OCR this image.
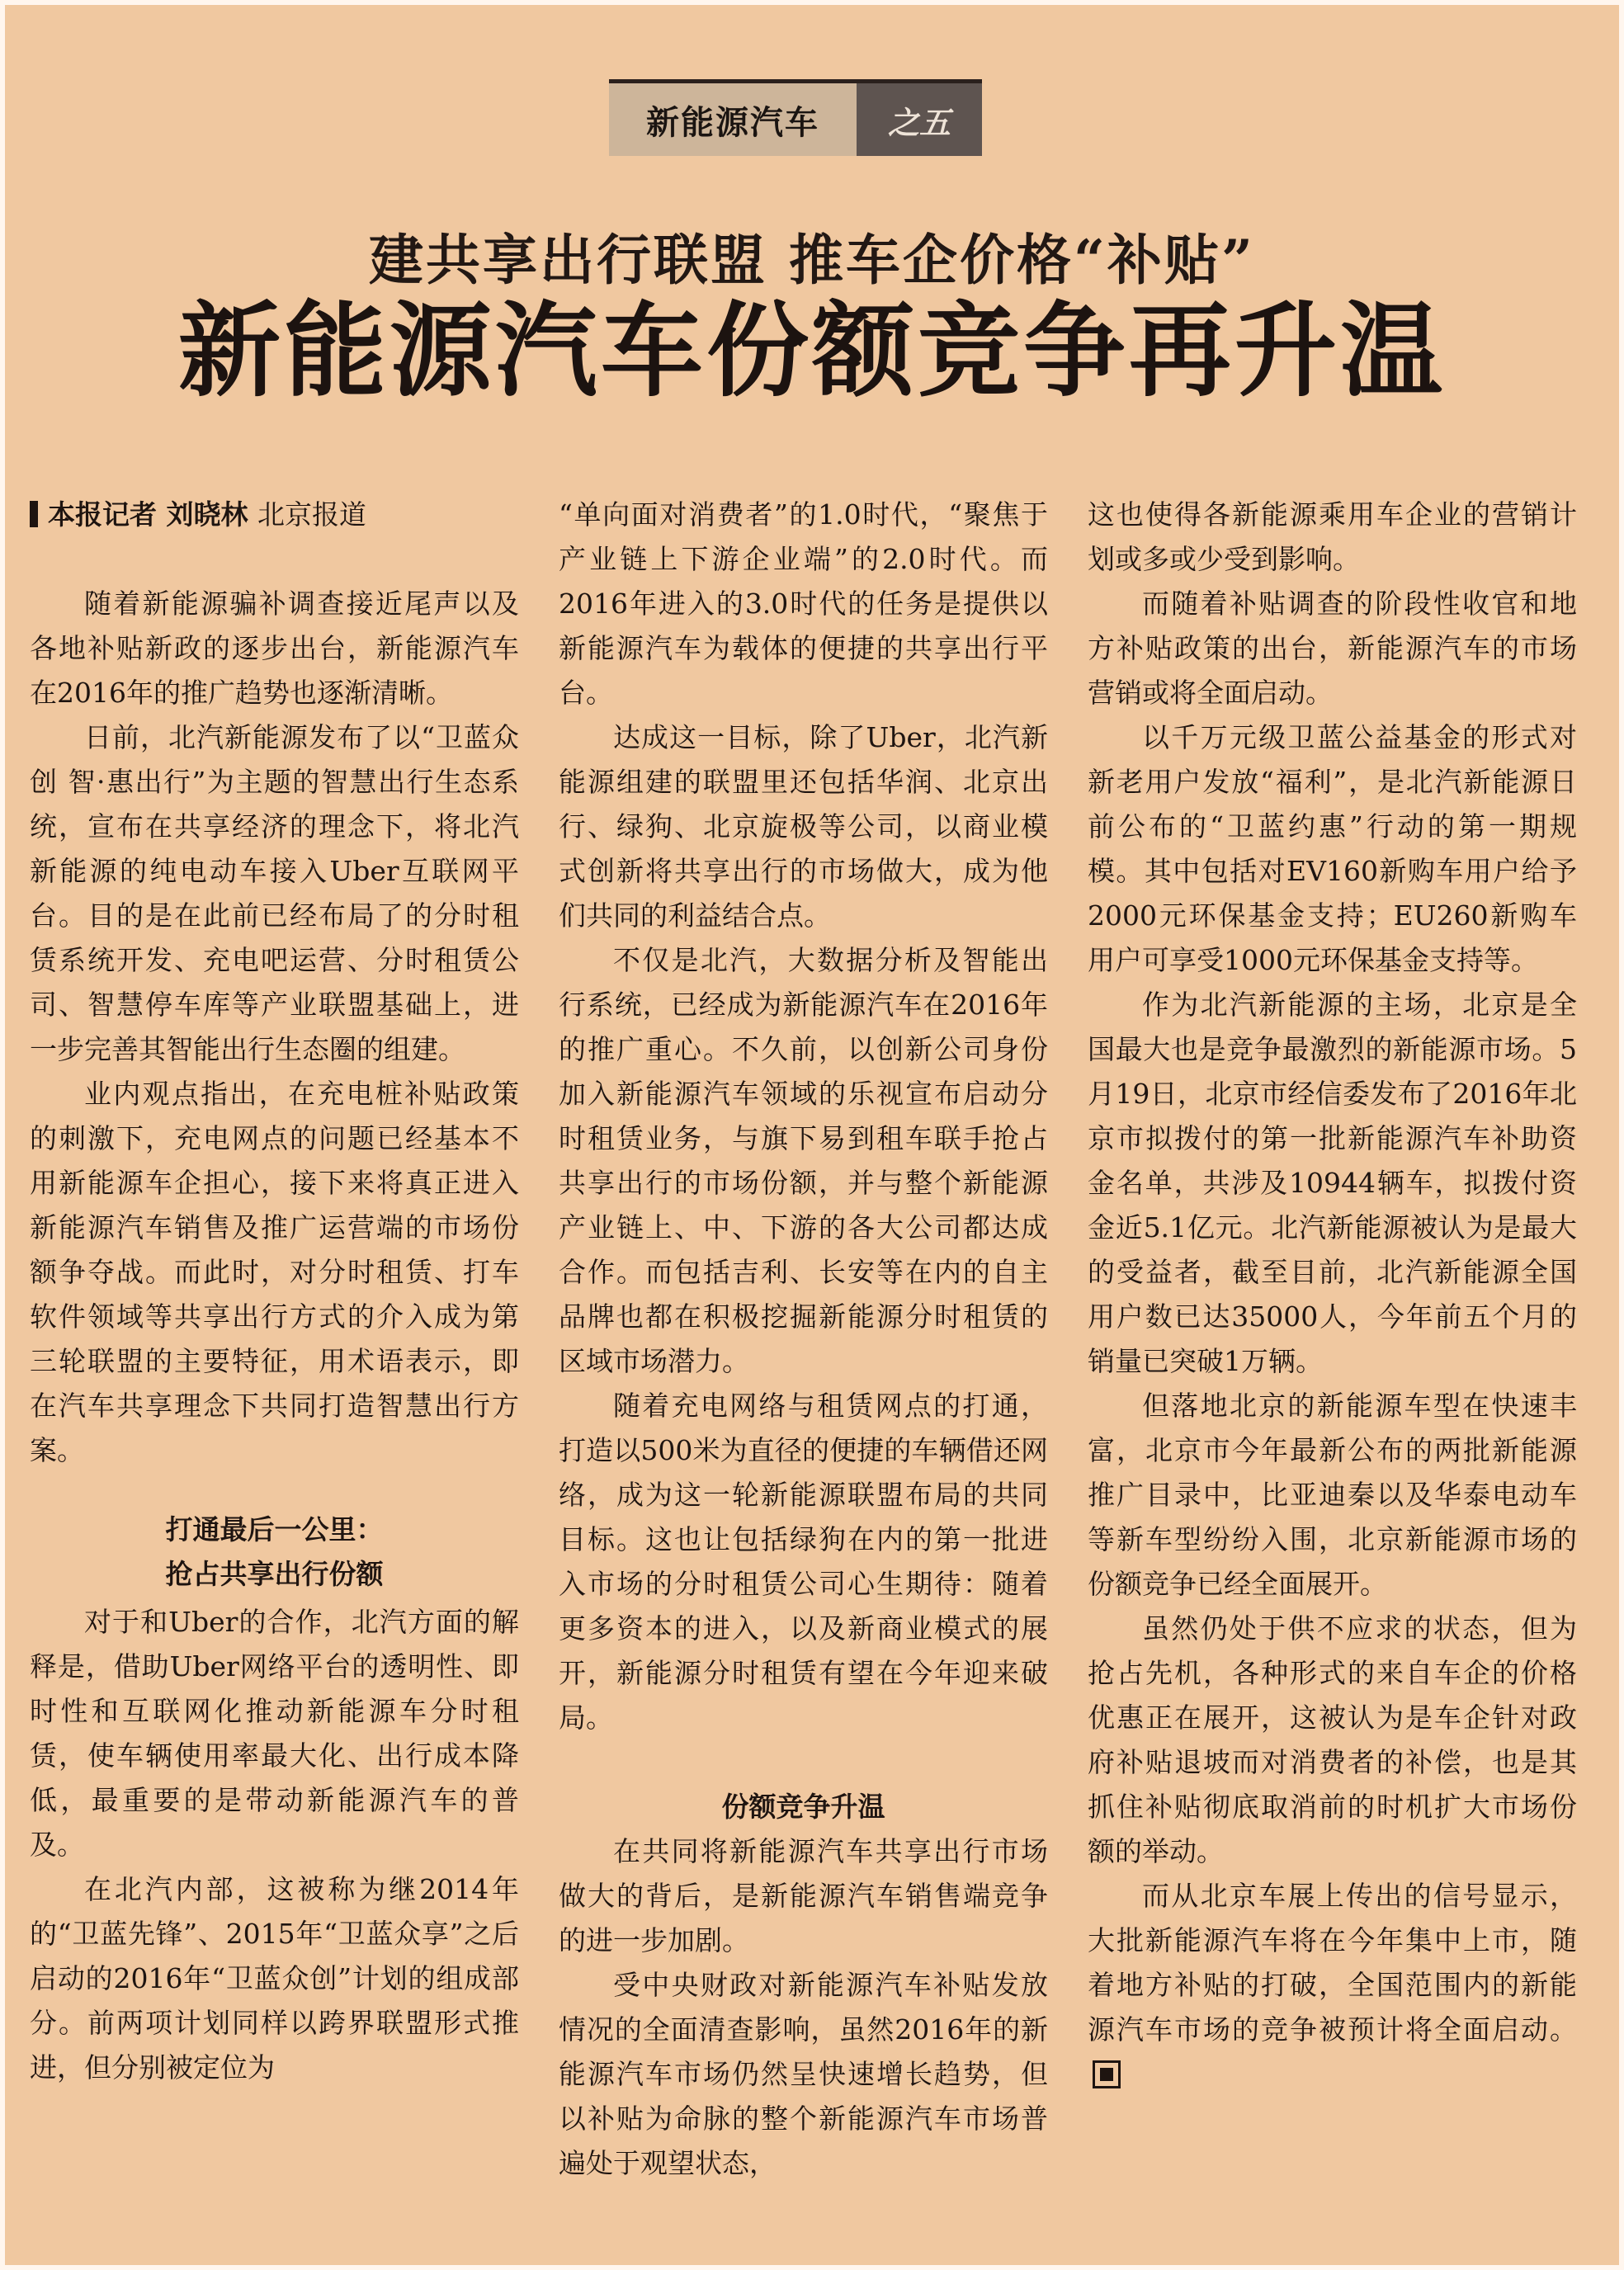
新能源汽车	之五
建共享出行联盟 推车企价格“补贴”
新能源汽车份额竞争再升温
本报记者 刘晓林 北京报道

随着新能源骗补调查接近尾声以及各地补贴新政的逐步出台，新能源汽车在2016年的推广趋势也逐渐清晰。

日前，北汽新能源发布了以“卫蓝众创 智·惠出行”为主题的智慧出行生态系统，宣布在共享经济的理念下，将北汽新能源的纯电动车接入Uber互联网平台。目的是在此前已经布局了的分时租赁系统开发、充电吧运营、分时租赁公司、智慧停车库等产业联盟基础上，进一步完善其智能出行生态圈的组建。

业内观点指出，在充电桩补贴政策的刺激下，充电网点的问题已经基本不用新能源车企担心，接下来将真正进入新能源汽车销售及推广运营端的市场份额争夺战。而此时，对分时租赁、打车软件领域等共享出行方式的介入成为第三轮联盟的主要特征，用术语表示，即在汽车共享理念下共同打造智慧出行方案。

打通最后一公里：
抢占共享出行份额

对于和Uber的合作，北汽方面的解释是，借助Uber网络平台的透明性、即时性和互联网化推动新能源车分时租赁，使车辆使用率最大化、出行成本降低，最重要的是带动新能源汽车的普及。

在北汽内部，这被称为继2014年的“卫蓝先锋”、2015年“卫蓝众享”之后启动的2016年“卫蓝众创”计划的组成部分。前两项计划同样以跨界联盟形式推进，但分别被定位为

“单向面对消费者”的1.0时代，“聚焦于产业链上下游企业端”的2.0时代。而2016年进入的3.0时代的任务是提供以新能源汽车为载体的便捷的共享出行平台。

达成这一目标，除了Uber，北汽新能源组建的联盟里还包括华润、北京出行、绿狗、北京旋极等公司，以商业模式创新将共享出行的市场做大，成为他们共同的利益结合点。

不仅是北汽，大数据分析及智能出行系统，已经成为新能源汽车在2016年的推广重心。不久前，以创新公司身份加入新能源汽车领域的乐视宣布启动分时租赁业务，与旗下易到租车联手抢占共享出行的市场份额，并与整个新能源产业链上、中、下游的各大公司都达成合作。而包括吉利、长安等在内的自主品牌也都在积极挖掘新能源分时租赁的区域市场潜力。

随着充电网络与租赁网点的打通，打造以500米为直径的便捷的车辆借还网络，成为这一轮新能源联盟布局的共同目标。这也让包括绿狗在内的第一批进入市场的分时租赁公司心生期待：随着更多资本的进入，以及新商业模式的展开，新能源分时租赁有望在今年迎来破局。

份额竞争升温

在共同将新能源汽车共享出行市场做大的背后，是新能源汽车销售端竞争的进一步加剧。

受中央财政对新能源汽车补贴发放情况的全面清查影响，虽然2016年的新能源汽车市场仍然呈快速增长趋势，但以补贴为命脉的整个新能源汽车市场普遍处于观望状态，

这也使得各新能源乘用车企业的营销计划或多或少受到影响。

而随着补贴调查的阶段性收官和地方补贴政策的出台，新能源汽车的市场营销或将全面启动。

以千万元级卫蓝公益基金的形式对新老用户发放“福利”，是北汽新能源日前公布的“卫蓝约惠”行动的第一期规模。其中包括对EV160新购车用户给予2000元环保基金支持；EU260新购车用户可享受1000元环保基金支持等。

作为北汽新能源的主场，北京是全国最大也是竞争最激烈的新能源市场。5月19日，北京市经信委发布了2016年北京市拟拨付的第一批新能源汽车补助资金名单，共涉及10944辆车，拟拨付资金近5.1亿元。北汽新能源被认为是最大的受益者，截至目前，北汽新能源全国用户数已达35000人，今年前五个月的销量已突破1万辆。

但落地北京的新能源车型在快速丰富，北京市今年最新公布的两批新能源推广目录中，比亚迪秦以及华泰电动车等新车型纷纷入围，北京新能源市场的份额竞争已经全面展开。

虽然仍处于供不应求的状态，但为抢占先机，各种形式的来自车企的价格优惠正在展开，这被认为是车企针对政府补贴退坡而对消费者的补偿，也是其抓住补贴彻底取消前的时机扩大市场份额的举动。

而从北京车展上传出的信号显示，大批新能源汽车将在今年集中上市，随着地方补贴的打破，全国范围内的新能源汽车市场的竞争被预计将全面启动。
